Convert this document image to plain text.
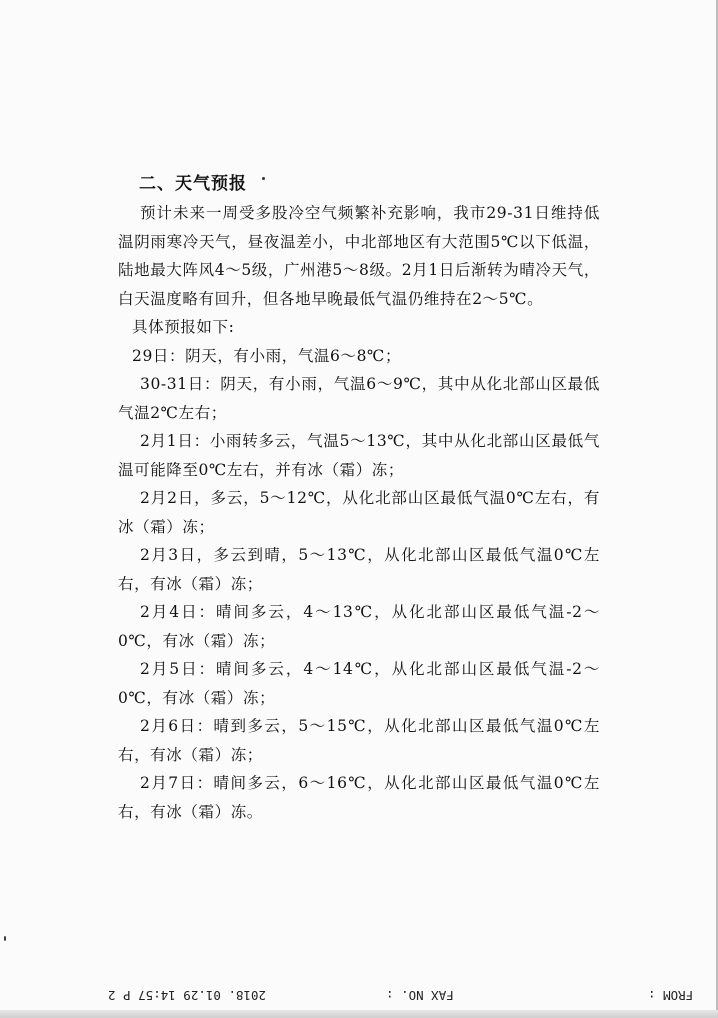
二、天气预报

预计未来一周受多股冷空气频繁补充影响，我市29-31日维持低温阴雨寒冷天气，昼夜温差小，中北部地区有大范围5℃以下低温，陆地最大阵风4～5级，广州港5～8级。2月1日后渐转为晴冷天气，白天温度略有回升，但各地早晚最低气温仍维持在2～5℃。

具体预报如下:

29日：阴天，有小雨，气温6～8℃；

30-31日：阴天，有小雨，气温6～9℃，其中从化北部山区最低气温2℃左右；

2月1日：小雨转多云，气温5～13℃，其中从化北部山区最低气温可能降至0℃左右，并有冰（霜）冻；

2月2日，多云，5～12℃，从化北部山区最低气温0℃左右，有冰（霜）冻；

2月3日，多云到晴，5～13℃，从化北部山区最低气温0℃左右，有冰（霜）冻；

2月4日：晴间多云，4～13℃，从化北部山区最低气温-2～0℃，有冰（霜）冻；

2月5日：晴间多云，4～14℃，从化北部山区最低气温-2～0℃，有冰（霜）冻；

2月6日：晴到多云，5～15℃，从化北部山区最低气温0℃左右，有冰（霜）冻；

2月7日：晴间多云，6～16℃，从化北部山区最低气温0℃左右，有冰（霜）冻。

2018. 01.29 14:57 P 2	FAX NO. :	FROM :
